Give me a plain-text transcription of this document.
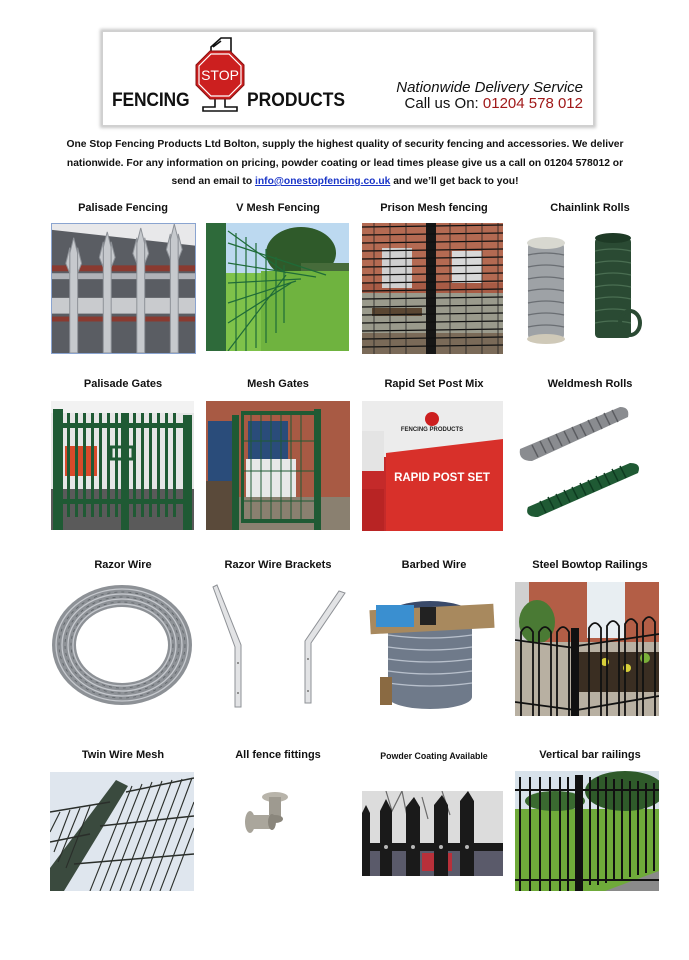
FENCING
STOP
PRODUCTS
Nationwide Delivery Service
Call us On: 01204 578 012

One Stop Fencing Products Ltd Bolton, supply the highest quality of security fencing and accessories. We deliver nationwide. For any information on pricing, powder coating or lead times please give us a call on 01204 578012 or send an email to info@onestopfencing.co.uk and we’ll get back to you!

Palisade Fencing	V Mesh Fencing	Prison Mesh fencing	Chainlink Rolls
Palisade Gates	Mesh Gates	Rapid Set Post Mix
FENCING PRODUCTS
RAPID POST SET
Weldmesh Rolls
Razor Wire	Razor Wire Brackets	Barbed Wire	Steel Bowtop Railings
Twin Wire Mesh	All fence fittings	Powder Coating Available	Vertical bar railings
